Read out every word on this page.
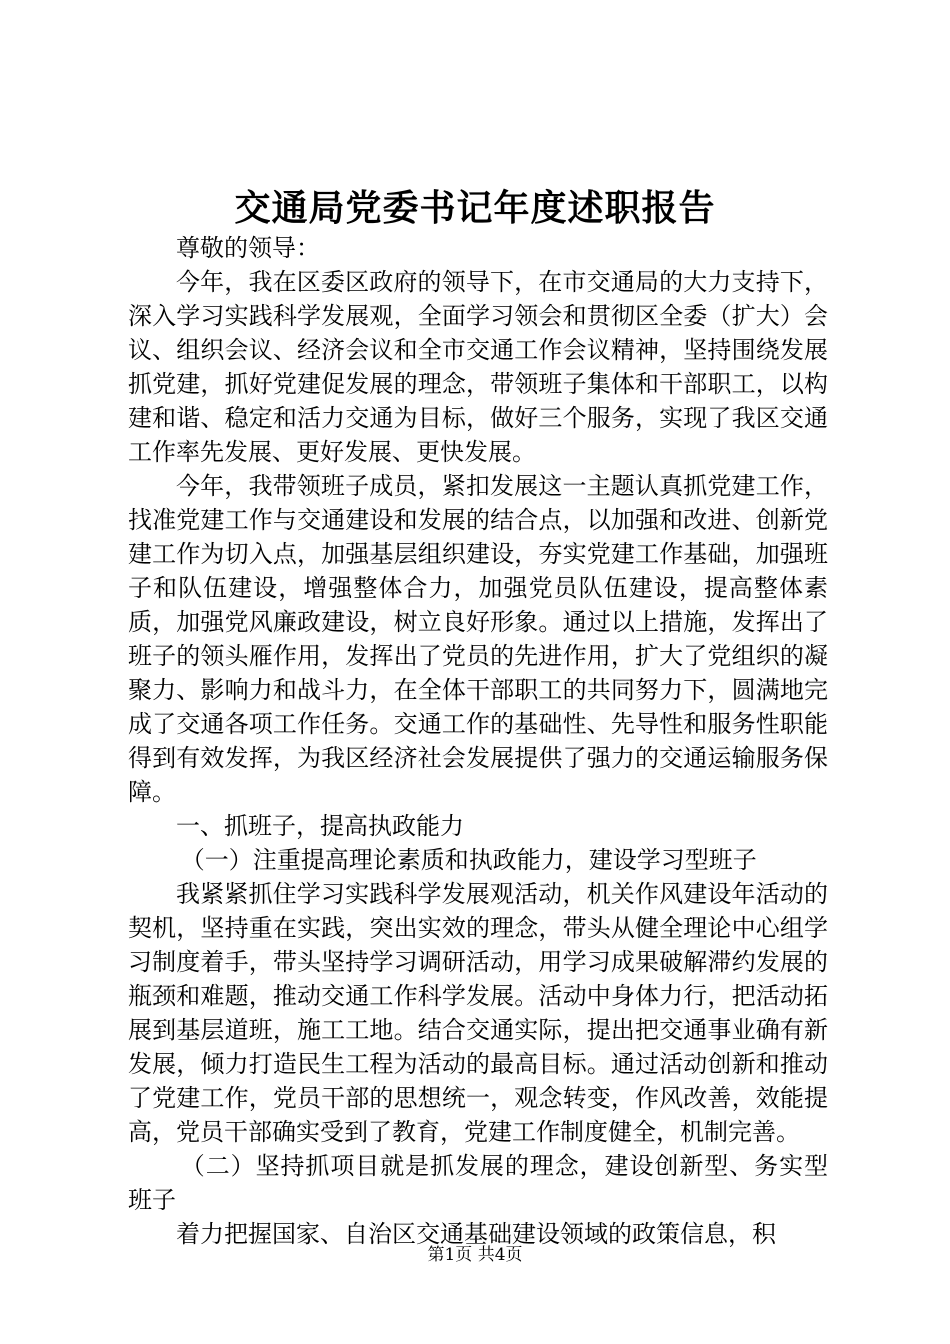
交通局党委书记年度述职报告

尊敬的领导：

今年，我在区委区政府的领导下，在市交通局的大力支持下，深入学习实践科学发展观，全面学习领会和贯彻区全委（扩大）会议、组织会议、经济会议和全市交通工作会议精神，坚持围绕发展抓党建，抓好党建促发展的理念，带领班子集体和干部职工，以构建和谐、稳定和活力交通为目标，做好三个服务，实现了我区交通工作率先发展、更好发展、更快发展。

今年，我带领班子成员，紧扣发展这一主题认真抓党建工作，找准党建工作与交通建设和发展的结合点，以加强和改进、创新党建工作为切入点，加强基层组织建设，夯实党建工作基础，加强班子和队伍建设，增强整体合力，加强党员队伍建设，提高整体素质，加强党风廉政建设，树立良好形象。通过以上措施，发挥出了班子的领头雁作用，发挥出了党员的先进作用，扩大了党组织的凝聚力、影响力和战斗力，在全体干部职工的共同努力下，圆满地完成了交通各项工作任务。交通工作的基础性、先导性和服务性职能得到有效发挥，为我区经济社会发展提供了强力的交通运输服务保障。

一、抓班子，提高执政能力

（一）注重提高理论素质和执政能力，建设学习型班子

我紧紧抓住学习实践科学发展观活动，机关作风建设年活动的契机，坚持重在实践，突出实效的理念，带头从健全理论中心组学习制度着手，带头坚持学习调研活动，用学习成果破解滞约发展的瓶颈和难题，推动交通工作科学发展。活动中身体力行，把活动拓展到基层道班，施工工地。结合交通实际，提出把交通事业确有新发展，倾力打造民生工程为活动的最高目标。通过活动创新和推动了党建工作，党员干部的思想统一，观念转变，作风改善，效能提高，党员干部确实受到了教育，党建工作制度健全，机制完善。

（二）坚持抓项目就是抓发展的理念，建设创新型、务实型班子

着力把握国家、自治区交通基础建设领域的政策信息，积

第1页 共4页
